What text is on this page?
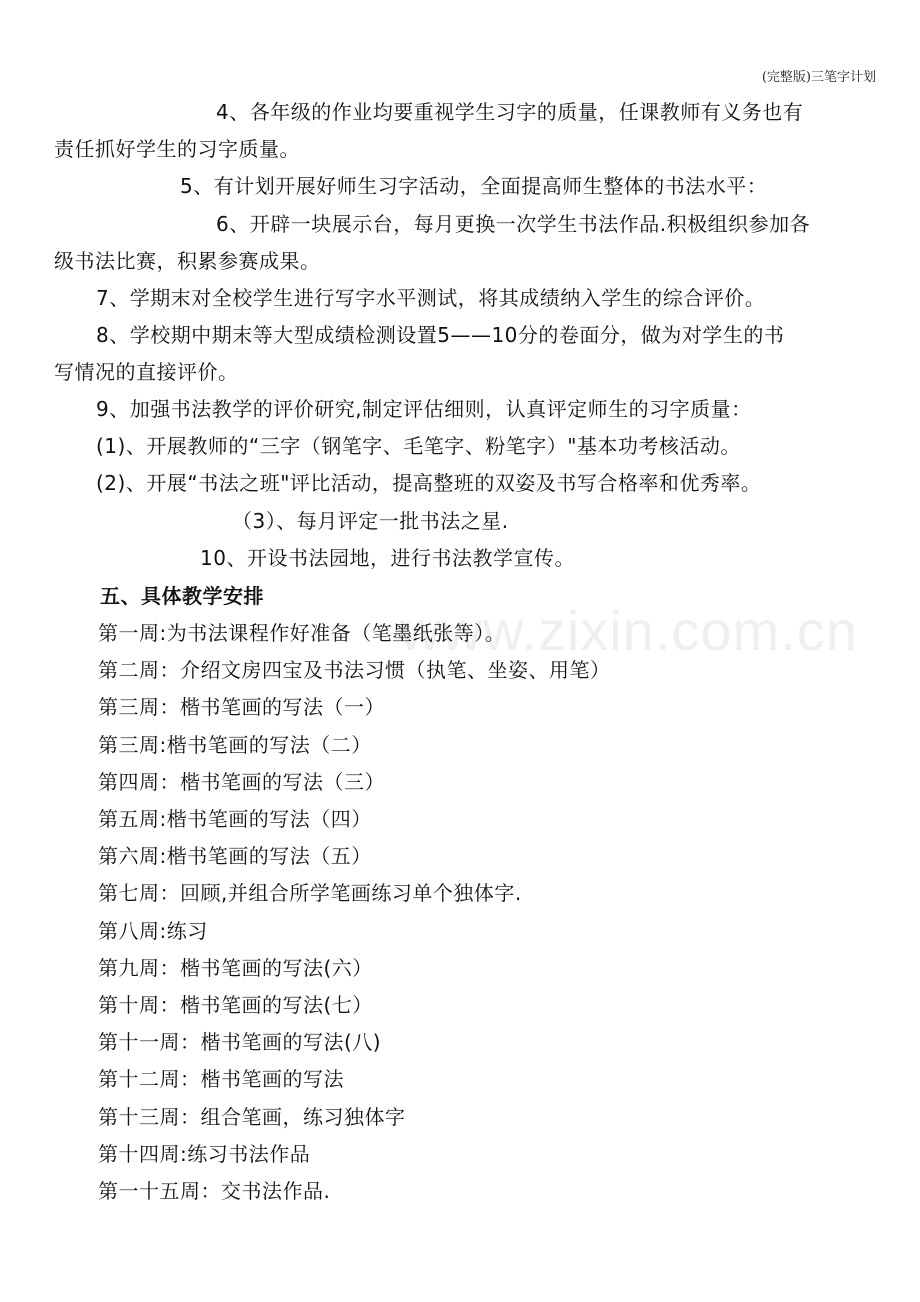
(完整版)三笔字计划
4、各年级的作业均要重视学生习字的质量，任课教师有义务也有
责任抓好学生的习字质量。
5、有计划开展好师生习字活动，全面提高师生整体的书法水平：
6、开辟一块展示台，每月更换一次学生书法作品.积极组织参加各
级书法比赛，积累参赛成果。
7、学期末对全校学生进行写字水平测试，将其成绩纳入学生的综合评价。
8、学校期中期末等大型成绩检测设置5——10分的卷面分，做为对学生的书
写情况的直接评价。
9、加强书法教学的评价研究,制定评估细则，认真评定师生的习字质量：
(1)、开展教师的“三字（钢笔字、毛笔字、粉笔字）"基本功考核活动。
(2)、开展“书法之班"评比活动，提高整班的双姿及书写合格率和优秀率。
（3）、每月评定一批书法之星.
10、开设书法园地，进行书法教学宣传。
五、具体教学安排
第一周:为书法课程作好准备（笔墨纸张等）。
第二周：介绍文房四宝及书法习惯（执笔、坐姿、用笔）
第三周：楷书笔画的写法（一）
第三周:楷书笔画的写法（二）
第四周：楷书笔画的写法（三）
第五周:楷书笔画的写法（四）
第六周:楷书笔画的写法（五）
第七周：回顾,并组合所学笔画练习单个独体字.
第八周:练习
第九周：楷书笔画的写法(六）
第十周：楷书笔画的写法(七）
第十一周：楷书笔画的写法(八)
第十二周：楷书笔画的写法
第十三周：组合笔画，练习独体字
第十四周:练习书法作品
第一十五周：交书法作品.
www.zixin.com.cn
